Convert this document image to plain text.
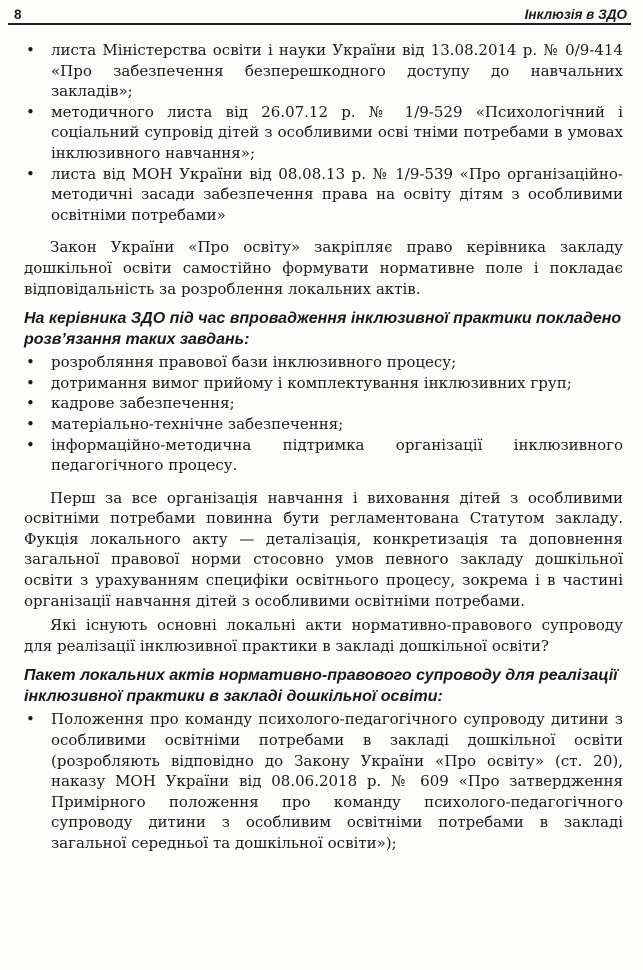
8	Інклюзія в ЗДО
• листа Міністерства освіти і науки України від 13.08.2014 р. № 0/9-414 «Про забезпечення безперешкодного доступу до навчальних закладів»;
• методичного листа від 26.07.12 р. № 1/9-529 «Психологічний і соціальний супровід дітей з особливими осві тніми потребами в умовах інклюзивного навчання»;
• листа від МОН України від 08.08.13 р. № 1/9-539 «Про організаційно-методичні засади забезпечення права на освіту дітям з особливими освітніми потребами»

Закон України «Про освіту» закріпляє право керівника закладу дошкільної освіти самостійно формувати нормативне поле і покладає відповідальність за розроблення локальних актів.

На керівника ЗДО під час впровадження інклюзивної практики покладено розв’язання таких завдань:
• розробляння правової бази інклюзивного процесу;
• дотримання вимог прийому і комплектування інклюзивних груп;
• кадрове забезпечення;
• матеріально-технічне забезпечення;
• інформаційно-методична підтримка організації інклюзивного педагогічного процесу.

Перш за все організація навчання і виховання дітей з особливими освітніми потребами повинна бути регламентована Статутом закладу. Фукція локального акту — деталізація, конкретизація та доповнення загальної правової норми стосовно умов певного закладу дошкільної освіти з урахуванням специфіки освітнього процесу, зокрема і в частині організації навчання дітей з особливими освітніми потребами.

Які існують основні локальні акти нормативно-правового супроводу для реалізації інклюзивної практики в закладі дошкільної освіти?

Пакет локальних актів нормативно-правового супроводу для реалізації інклюзивної практики в закладі дошкільної освіти:
• Положення про команду психолого-педагогічного супроводу дитини з особливими освітніми потребами в закладі дошкільної освіти (розробляють відповідно до Закону України «Про освіту» (ст. 20), наказу МОН України від 08.06.2018 р. № 609 «Про затвердження Примірного положення про команду психолого-педагогічного супроводу дитини з особливим освітніми потребами в закладі загальної середньої та дошкільної освіти»);
